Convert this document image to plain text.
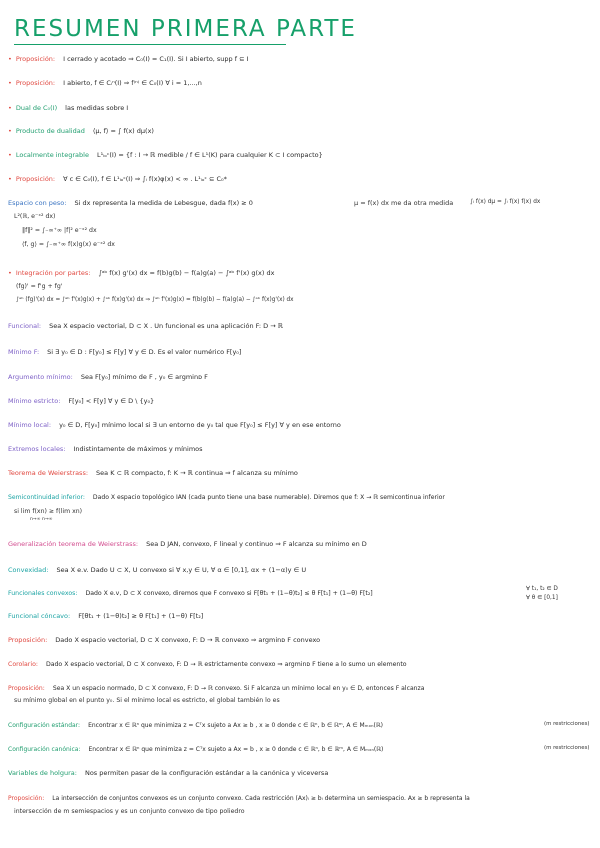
RESUMEN PRIMERA PARTE
• Proposición: I cerrado y acotado ⇒ C₀(I) = C₁(I). Si I abierto, supp f ⊆ I
• Proposición: I abierto, f ∈ Cᵢⁿ(I) ⇒ f⁽ⁿ⁾ ∈ C₀(I) ∀ i = 1,...,n
• Dual de C₀(I) las medidas sobre I
• Producto de dualidad ⟨μ, f⟩ = ∫ f(x) dμ(x)
• Localmente integrable L¹ₗₒᶜ(I) = {f : I → ℝ medible / f ∈ L¹(K) para cualquier K ⊂ I compacto}
• Proposición: ∀ c ∈ C₀(I), f ∈ L¹ₗₒᶜ(I) ⇒ ∫ᵢ f(x)φ(x) < ∞ . L¹ₗₒᶜ ⊆ C₀*
Espacio con peso: Si dx representa la medida de Lebesgue, dada f(x) ≥ 0	μ = f(x) dx me da otra medida	∫ᵢ f(x) dμ = ∫ᵢ f(x) f(x) dx
L²(ℝ, e⁻ˣ² dx)
‖f‖² = ∫₋∞⁺∞ |f|² e⁻ˣ² dx
⟨f, g⟩ = ∫₋∞⁺∞ f(x)g(x) e⁻ˣ² dx
• Integración por partes: ∫ᵃᵇ f(x) g'(x) dx = f(b)g(b) − f(a)g(a) − ∫ᵃᵇ f'(x) g(x) dx
(fg)' = f'g + fg'
∫ᵃᵇ (fg)'(x) dx = ∫ᵃᵇ f'(x)g(x) + ∫ᵃᵇ f(x)g'(x) dx ⇒ ∫ᵃᵇ f'(x)g(x) = f(b)g(b) − f(a)g(a) − ∫ᵃᵇ f(x)g'(x) dx
Funcional: Sea X espacio vectorial, D ⊂ X . Un funcional es una aplicación F: D → ℝ
Mínimo F: Si ∃ y₀ ∈ D : F[y₀] ≤ F[y] ∀ y ∈ D. Es el valor numérico F[y₀]
Argumento mínimo: Sea F[y₀] mínimo de F , y₀ ∈ argminᴅ F
Mínimo estricto: F[y₀] < F[y] ∀ y ∈ D \ {y₀}
Mínimo local: y₀ ∈ D, F[y₀] mínimo local si ∃ un entorno de y₀ tal que F[y₀] ≤ F[y] ∀ y en ese entorno
Extremos locales: Indistintamente de máximos y mínimos
Teorema de Weierstrass: Sea K ⊂ ℝ compacto, f: K → ℝ continua ⇒ f alcanza su mínimo
Semicontinuidad inferior: Dado X espacio topológico IAN (cada punto tiene una base numerable). Diremos que f: X → ℝ semicontinua inferior
si lim f(xn) ≥ f(lim xn)
n→∞ n→∞
Generalización teorema de Weierstrass: Sea D JAN, convexo, F lineal y continuo ⇒ F alcanza su mínimo en D
Convexidad: Sea X e.v. Dado U ⊂ X, U convexo si ∀ x,y ∈ U, ∀ α ∈ [0,1], αx + (1−α)y ∈ U
Funcionales convexos: Dado X e.v, D ⊂ X convexo, diremos que F convexo si F[θt₁ + (1−θ)t₂] ≤ θ F[t₁] + (1−θ) F[t₂]
∀ t₁, t₂ ∈ D
∀ θ ∈ [0,1]
Funcional cóncavo: F[θt₁ + (1−θ)t₂] ≥ θ F[t₁] + (1−θ) F[t₂]
Proposición: Dado X espacio vectorial, D ⊂ X convexo, F: D → ℝ convexo ⇒ argminᴅ F convexo
Corolario: Dado X espacio vectorial, D ⊂ X convexo, F: D → ℝ estrictamente convexo ⇒ argminᴅ F tiene a lo sumo un elemento
Proposición: Sea X un espacio normado, D ⊂ X convexo, F: D → ℝ convexo. Si F alcanza un mínimo local en y₀ ∈ D, entonces F alcanza
su mínimo global en el punto y₀. Si el mínimo local es estricto, el global también lo es
Configuración estándar: Encontrar x ∈ ℝⁿ que minimiza z = Cᵀx sujeto a Ax ≥ b , x ≥ 0 donde c ∈ ℝⁿ, b ∈ ℝᵐ, A ∈ Mₘₓₙ(ℝ)	(m restricciones)
Configuración canónica: Encontrar x ∈ ℝⁿ que minimiza z = Cᵀx sujeto a Ax = b , x ≥ 0 donde c ∈ ℝⁿ, b ∈ ℝᵐ, A ∈ Mₘₓₙ(ℝ)	(m restricciones)
Variables de holgura: Nos permiten pasar de la configuración estándar a la canónica y viceversa
Proposición: La intersección de conjuntos convexos es un conjunto convexo. Cada restricción (Ax)ᵢ ≥ bᵢ determina un semiespacio. Ax ≥ b representa la
intersección de m semiespacios y es un conjunto convexo de tipo poliedro
